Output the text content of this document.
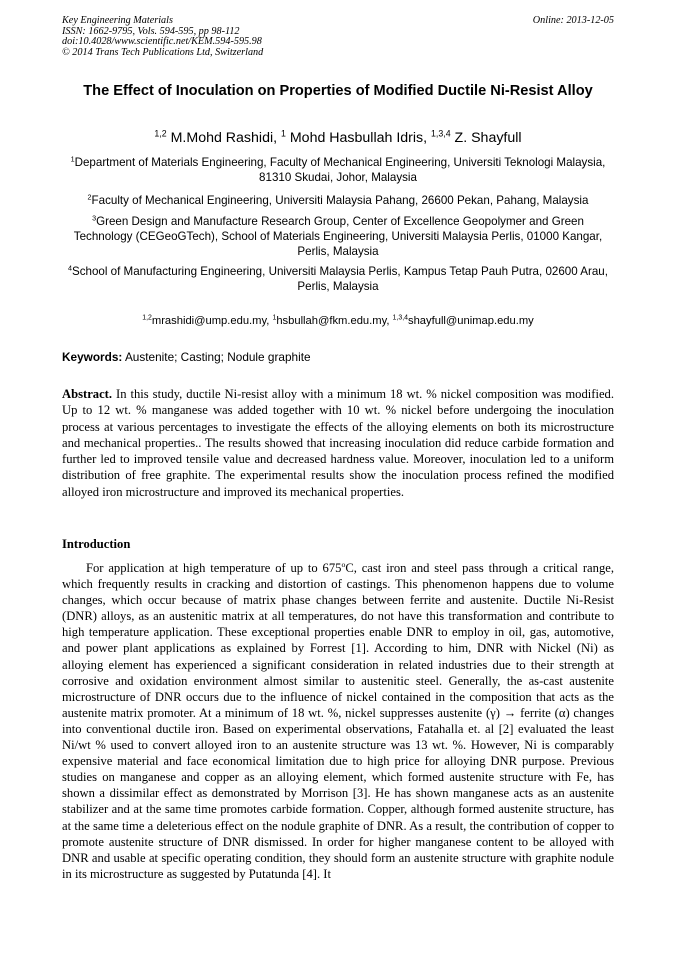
Key Engineering Materials
ISSN: 1662-9795, Vols. 594-595, pp 98-112
doi:10.4028/www.scientific.net/KEM.594-595.98
© 2014 Trans Tech Publications Ltd, Switzerland
Online: 2013-12-05
The Effect of Inoculation on Properties of Modified Ductile Ni-Resist Alloy
$^{1,2}$ M.Mohd Rashidi, $^1$ Mohd Hasbullah Idris, $^{1,3,4}$ Z. Shayfull
$^1$Department of Materials Engineering, Faculty of Mechanical Engineering, Universiti Teknologi Malaysia, 81310 Skudai, Johor, Malaysia
$^2$Faculty of Mechanical Engineering, Universiti Malaysia Pahang, 26600 Pekan, Pahang, Malaysia
$^3$Green Design and Manufacture Research Group, Center of Excellence Geopolymer and Green Technology (CEGeoGTech), School of Materials Engineering, Universiti Malaysia Perlis, 01000 Kangar, Perlis, Malaysia
$^4$School of Manufacturing Engineering, Universiti Malaysia Perlis, Kampus Tetap Pauh Putra, 02600 Arau, Perlis, Malaysia
$^{1,2}$mrashidi@ump.edu.my, $^1$hsbullah@fkm.edu.my, $^{1,3,4}$shayfull@unimap.edu.my
Keywords: Austenite; Casting; Nodule graphite
Abstract. In this study, ductile Ni-resist alloy with a minimum 18 wt. % nickel composition was modified. Up to 12 wt. % manganese was added together with 10 wt. % nickel before undergoing the inoculation process at various percentages to investigate the effects of the alloying elements on both its microstructure and mechanical properties.. The results showed that increasing inoculation did reduce carbide formation and further led to improved tensile value and decreased hardness value. Moreover, inoculation led to a uniform distribution of free graphite. The experimental results show the inoculation process refined the modified alloyed iron microstructure and improved its mechanical properties.
Introduction

For application at high temperature of up to 675$^o$C, cast iron and steel pass through a critical range, which frequently results in cracking and distortion of castings. This phenomenon happens due to volume changes, which occur because of matrix phase changes between ferrite and austenite. Ductile Ni-Resist (DNR) alloys, as an austenitic matrix at all temperatures, do not have this transformation and contribute to high temperature application. These exceptional properties enable DNR to employ in oil, gas, automotive, and power plant applications as explained by Forrest [1]. According to him, DNR with Nickel (Ni) as alloying element has experienced a significant consideration in related industries due to their strength at corrosive and oxidation environment almost similar to austenitic steel. Generally, the as-cast austenite microstructure of DNR occurs due to the influence of nickel contained in the composition that acts as the austenite matrix promoter. At a minimum of 18 wt. %, nickel suppresses austenite (γ) → ferrite (α) changes into conventional ductile iron. Based on experimental observations, Fatahalla et. al [2] evaluated the least Ni/wt % used to convert alloyed iron to an austenite structure was 13 wt. %. However, Ni is comparably expensive material and face economical limitation due to high price for alloying DNR purpose. Previous studies on manganese and copper as an alloying element, which formed austenite structure with Fe, has shown a dissimilar effect as demonstrated by Morrison [3]. He has shown manganese acts as an austenite stabilizer and at the same time promotes carbide formation. Copper, although formed austenite structure, has at the same time a deleterious effect on the nodule graphite of DNR. As a result, the contribution of copper to promote austenite structure of DNR dismissed. In order for higher manganese content to be alloyed with DNR and usable at specific operating condition, they should form an austenite structure with graphite nodule in its microstructure as suggested by Putatunda [4]. It
